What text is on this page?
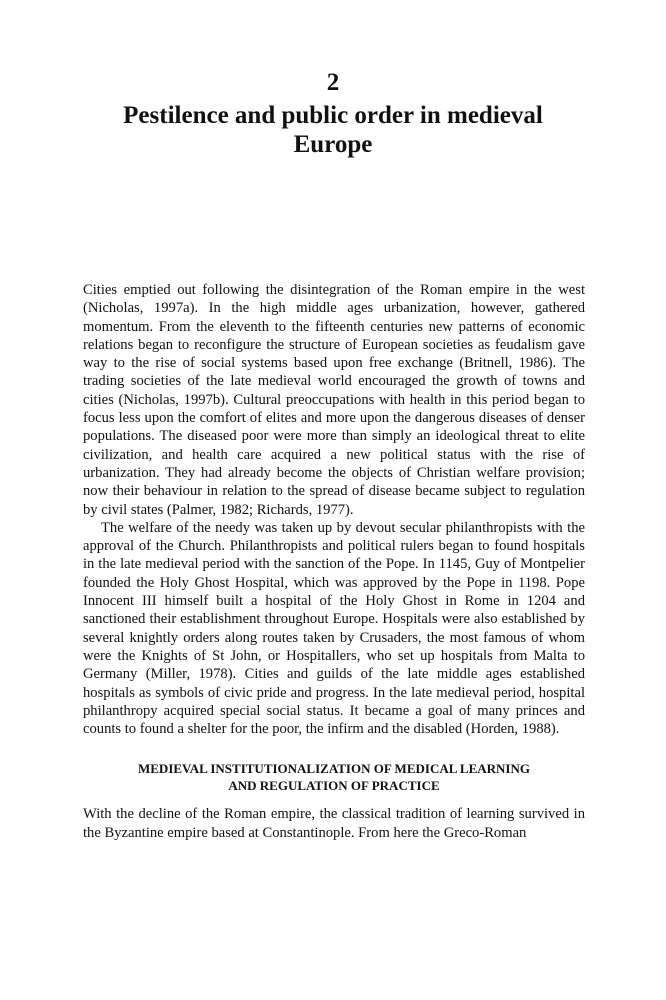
2
Pestilence and public order in medieval Europe

Cities emptied out following the disintegration of the Roman empire in the west (Nicholas, 1997a). In the high middle ages urbanization, however, gathered momentum. From the eleventh to the fifteenth centuries new patterns of economic relations began to reconfigure the structure of European societies as feudalism gave way to the rise of social systems based upon free exchange (Britnell, 1986). The trading societies of the late medieval world encouraged the growth of towns and cities (Nicholas, 1997b). Cultural preoccupations with health in this period began to focus less upon the comfort of elites and more upon the dangerous diseases of denser populations. The diseased poor were more than simply an ideological threat to elite civilization, and health care acquired a new political status with the rise of urbanization. They had already become the objects of Christian welfare provision; now their behaviour in relation to the spread of disease became subject to regulation by civil states (Palmer, 1982; Richards, 1977).

The welfare of the needy was taken up by devout secular philanthropists with the approval of the Church. Philanthropists and political rulers began to found hospitals in the late medieval period with the sanction of the Pope. In 1145, Guy of Montpelier founded the Holy Ghost Hospital, which was approved by the Pope in 1198. Pope Innocent III himself built a hospital of the Holy Ghost in Rome in 1204 and sanctioned their establishment throughout Europe. Hospitals were also established by several knightly orders along routes taken by Crusaders, the most famous of whom were the Knights of St John, or Hospitallers, who set up hospitals from Malta to Germany (Miller, 1978). Cities and guilds of the late middle ages established hospitals as symbols of civic pride and progress. In the late medieval period, hospital philanthropy acquired special social status. It became a goal of many princes and counts to found a shelter for the poor, the infirm and the disabled (Horden, 1988).

MEDIEVAL INSTITUTIONALIZATION OF MEDICAL LEARNING AND REGULATION OF PRACTICE

With the decline of the Roman empire, the classical tradition of learning survived in the Byzantine empire based at Constantinople. From here the Greco-Roman
